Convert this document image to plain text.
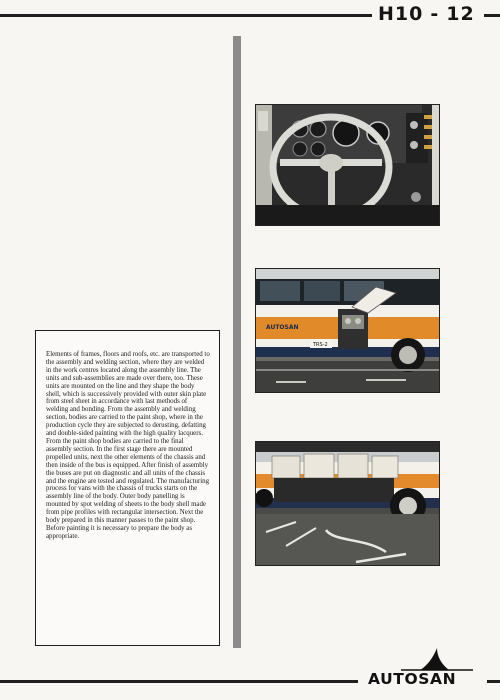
H10 - 12

Elements of frames, floors and roofs, etc. are transported to the assembly and welding section, where they are welded in the work centres located along the assembly line. The units and sub-assemblies are made over there, too. These units are mounted on the line and they shape the body shell, which is successively provided with outer skin plate from steel sheet in accordance with last methods of welding and bonding. From the assembly and welding section, bodies are carried to the paint shop, where in the production cycle they are subjected to derusting, defatting and double-sided painting with the high quality lacquers. From the paint shop bodies are carried to the final assembly section. In the first stage there are mounted propelled units, next the other elements of the chassis and then inside of the bus is equipped. After finish of assembly the buses are put on diagnostic and all units of the chassis and the engine are tested and regulated. The manufacturing process for vans with the chassis of trucks starts on the assembly line of the body. Outer body panelling is mounted by spot welding of sheets to the body shell made from pipe profiles with rectangular intersection. Next the body prepared in this manner passes to the paint shop. Before painting it is necessary to prepare the body as appropriate.

AUTOSAN
TRS-2
AUTOSAN
